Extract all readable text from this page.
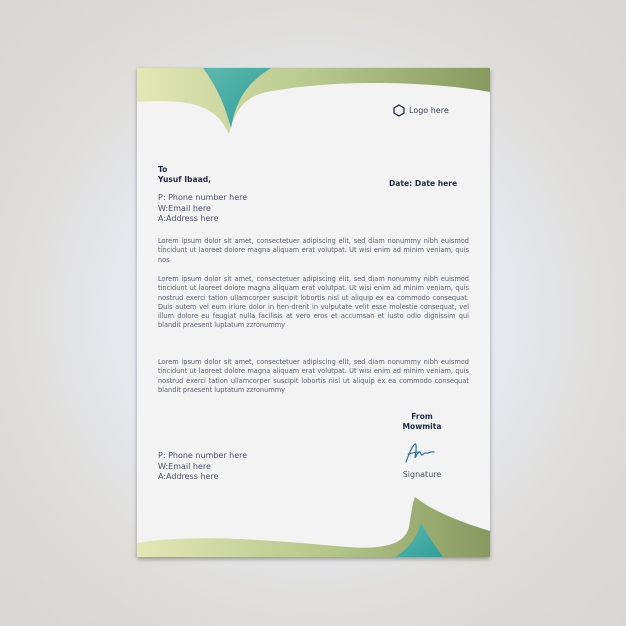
Logo here
To
Yusuf Ibaad,	Date: Date here
P: Phone number here
W:Email here
A:Address here
Lorem ipsum dolor sit amet, consectetuer adipiscing elit, sed diam nonummy nibh euismod tincidunt ut laoreet dolore magna aliquam erat volutpat. Ut wisi enim ad minim veniam, quis nos
Lorem ipsum dolor sit amet, consectetuer adipiscing elit, sed diam nonummy nibh euismod tincidunt ut laoreet dolore magna aliquam erat volutpat. Ut wisi enim ad minim veniam, quis nostrud exerci tation ullamcorper suscipit lobortis nisl ut aliquip ex ea commodo consequat. Duis autem vel eum iriure dolor in hen-drerit in vulputate velit esse molestie consequat, vel illum dolore eu feugiat nulla facilisis at vero eros et accumsan et iusto odio dignissim qui blandit praesent luptatum zzronummy
Lorem ipsum dolor sit amet, consectetuer adipiscing elit, sed diam nonummy nibh euismod tincidunt ut laoreet dolore magna aliquam erat volutpat. Ut wisi enim ad minim veniam, quis nostrud exerci tation ullamcorper suscipit lobortis nisl ut aliquip ex ea commodo consequat blandit praesent luptatum zzronummy
From
Mowmita
Signature
P: Phone number here
W:Email here
A:Address here
